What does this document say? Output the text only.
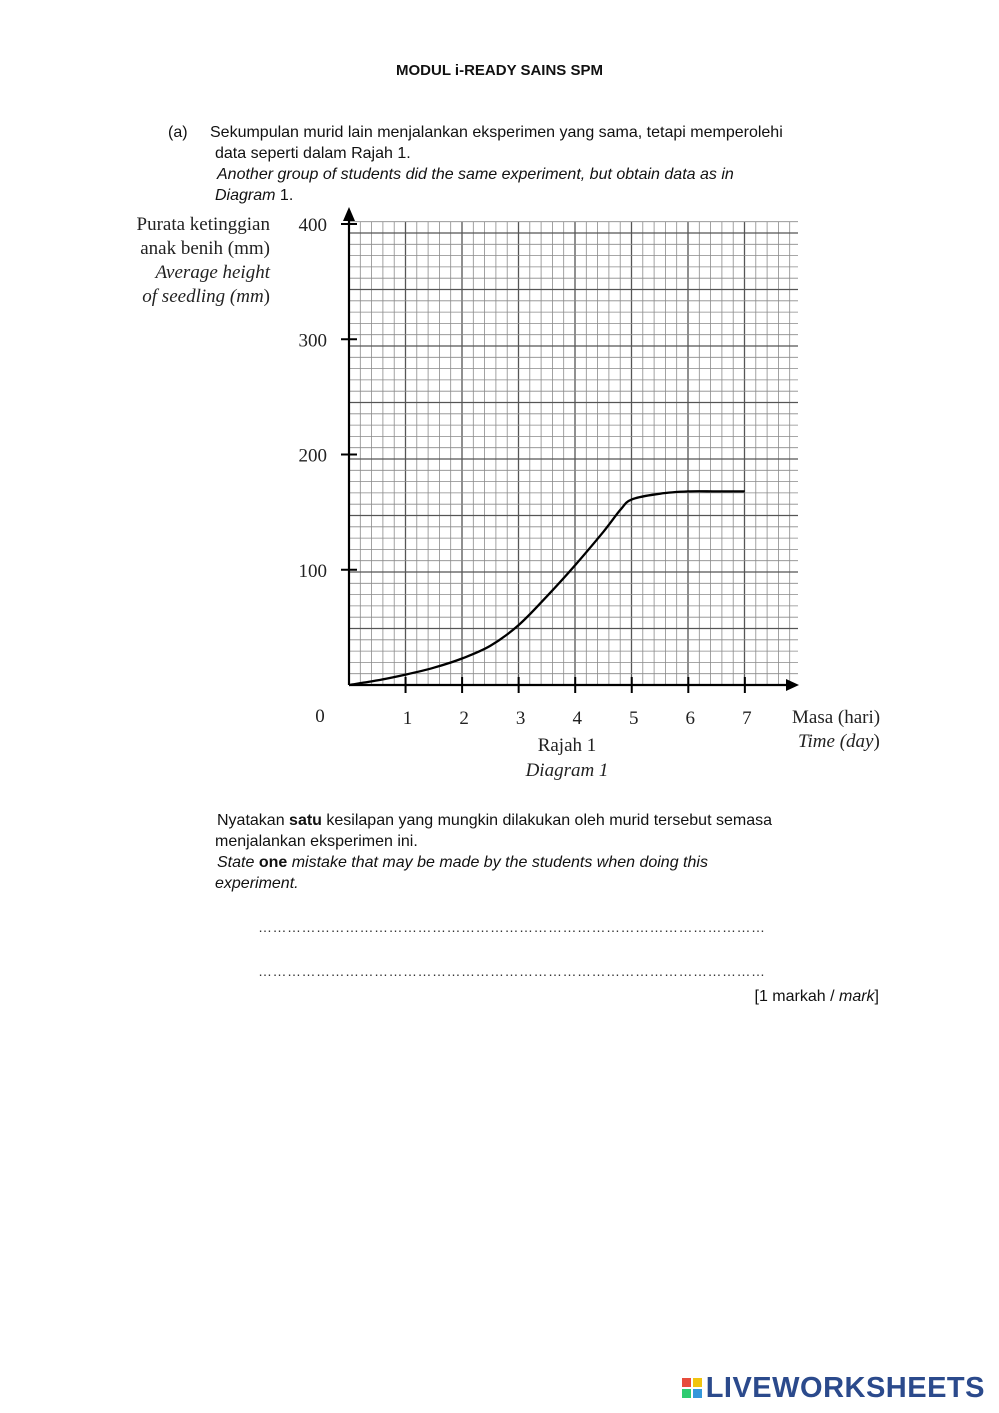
MODUL i-READY SAINS SPM
(a) Sekumpulan murid lain menjalankan eksperimen yang sama, tetapi memperolehi
data seperti dalam Rajah 1.
Another group of students did the same experiment, but obtain data as in
Diagram 1.
Purata ketinggian
anak benih (mm)
Average height
of seedling (mm)
1 2 3 4 5 6 7
100
200
300
400
0	Masa (hari)
Time (day)
Rajah 1
Diagram 1
Nyatakan satu kesilapan yang mungkin dilakukan oleh murid tersebut semasa
menjalankan eksperimen ini.
State one mistake that may be made by the students when doing this
experiment.
……………………………………………………………………………………………
……………………………………………………………………………………………
[1 markah / mark]
LIVEWORKSHEETS
